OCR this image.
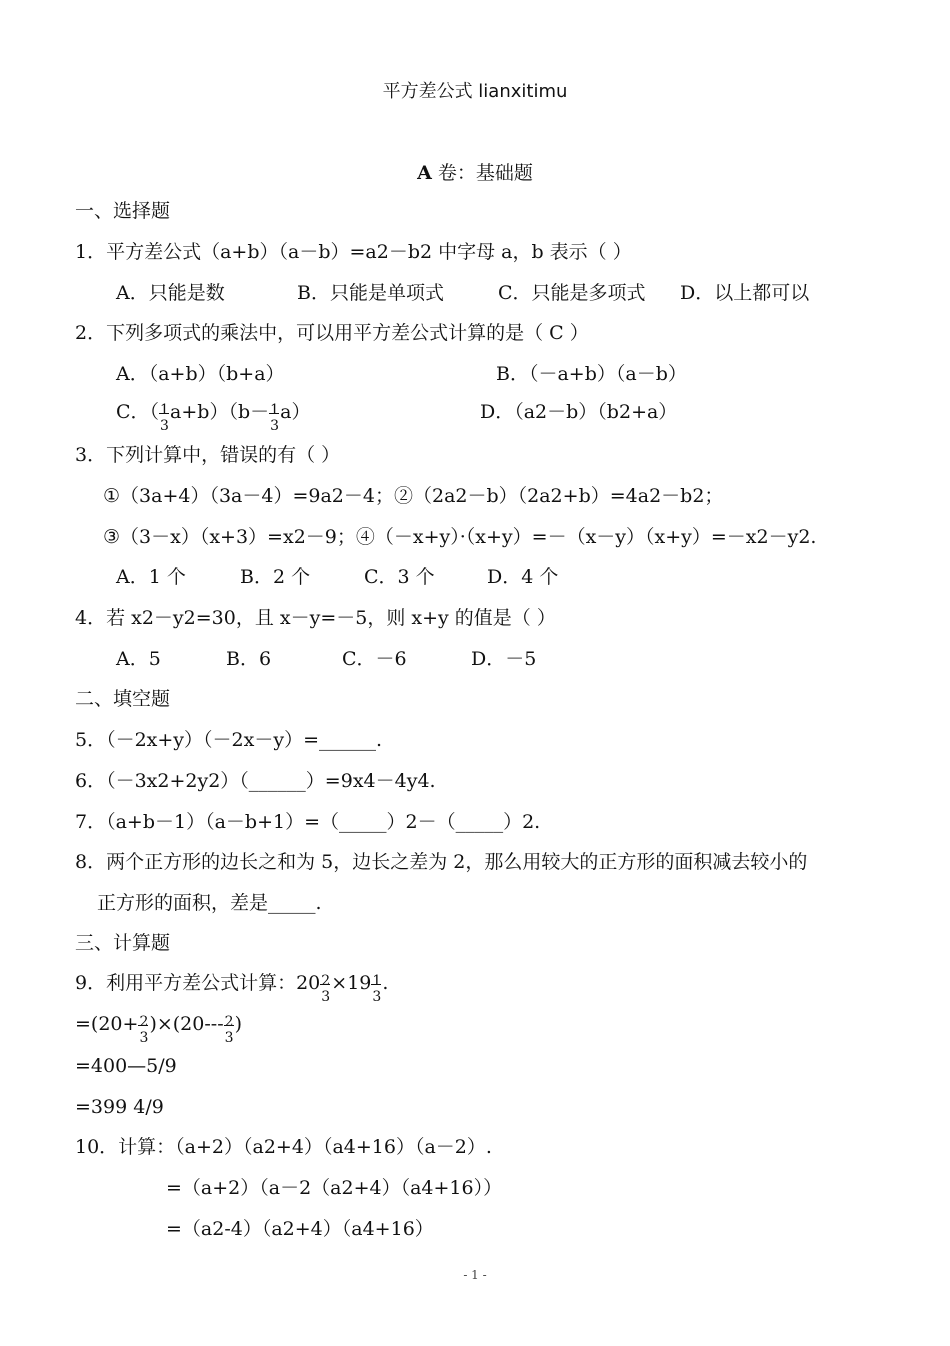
平方差公式 lianxitimu
A 卷：基础题
一、选择题
1．平方差公式（a+b）（a－b）=a2－b2 中字母 a，b 表示（ ）
A．只能是数	B．只能是单项式	C．只能是多项式 D．以上都可以
2．下列多项式的乘法中，可以用平方差公式计算的是（ C ）
A．（a+b）（b+a）	B．（－a+b）（a－b）
C．（ 1
3
a+b）（b－ 1
3
a）	D．（a2－b）（b2+a）
3．下列计算中，错误的有（ ）
①（3a+4）（3a－4）=9a2－4；②（2a2－b）（2a2+b）=4a2－b2；
③（3－x）（x+3）=x2－9；④（－x+y）·（x+y）=－（x－y）（x+y）=－x2－y2.
A．1 个	B．2 个	C．3 个	D．4 个
4．若 x2－y2=30，且 x－y=－5，则 x+y 的值是（ ）
A．5	B．6	C．－6	D．－5
二、填空题
5．（－2x+y）（－2x－y）=______.
6．（－3x2+2y2）（______）=9x4－4y4.
7．（a+b－1）（a－b+1）=（_____）2－（_____）2.
8．两个正方形的边长之和为 5，边长之差为 2，那么用较大的正方形的面积减去较小的
正方形的面积，差是_____.
三、计算题
9．利用平方差公式计算：20 2
3
×19 1
3
.
=(20+ 2
3
)×(20--- 2
3
)
=400—5/9
=399 4/9
10．计算：（a+2）（a2+4）（a4+16）（a－2）.
=（a+2）（a－2（a2+4）（a4+16））
=（a2-4）（a2+4）（a4+16）
- 1 -
